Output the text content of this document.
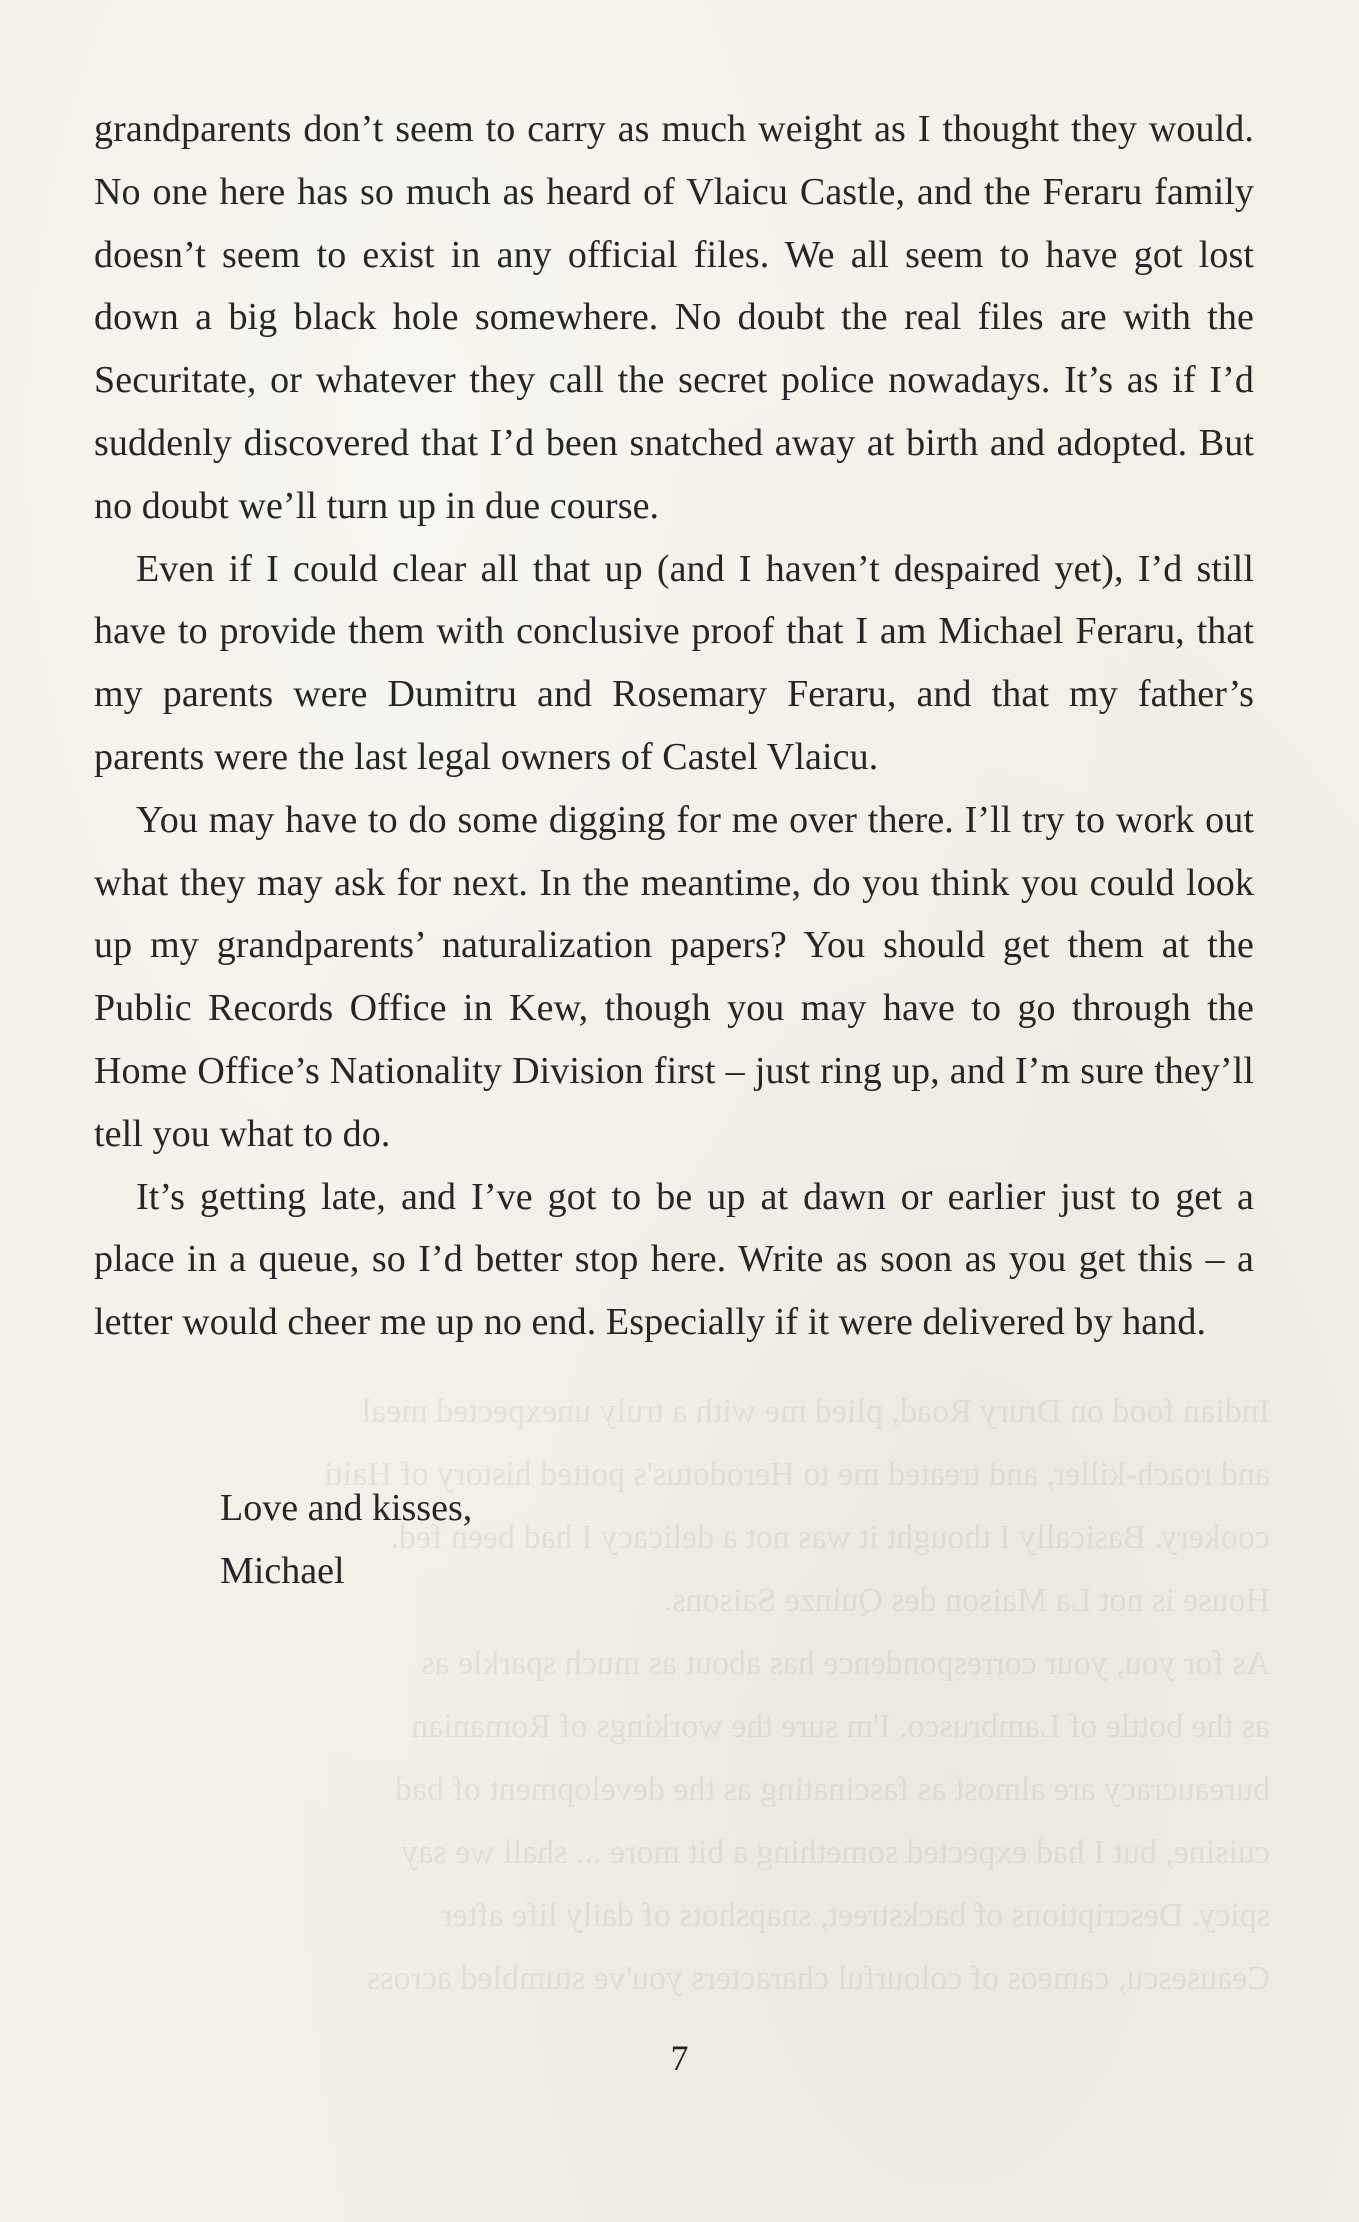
Indian food on Drury Road, plied me with a truly unexpected meal
and roach-killer, and treated me to Herodotus's potted history of Haiti
cookery. Basically I thought it was not a delicacy I had been fed.
House is not La Maison des Quinze Saisons.
As for you, your correspondence has about as much sparkle as
as the bottle of Lambrusco. I'm sure the workings of Romanian
bureaucracy are almost as fascinating as the development of bad
cuisine, but I had expected something a bit more ... shall we say
spicy. Descriptions of backstreet, snapshots of daily life after
Ceausescu, cameos of colourful characters you've stumbled across

grandparents don’t seem to carry as much weight as I thought they would. No one here has so much as heard of Vlaicu Castle, and the Feraru family doesn’t seem to exist in any official files. We all seem to have got lost down a big black hole somewhere. No doubt the real files are with the Securitate, or whatever they call the secret police nowadays. It’s as if I’d suddenly discovered that I’d been snatched away at birth and adopted. But no doubt we’ll turn up in due course.

Even if I could clear all that up (and I haven’t despaired yet), I’d still have to provide them with conclusive proof that I am Michael Feraru, that my parents were Dumitru and Rosemary Feraru, and that my father’s parents were the last legal owners of Castel Vlaicu.

You may have to do some digging for me over there. I’ll try to work out what they may ask for next. In the meantime, do you think you could look up my grandparents’ naturalization papers? You should get them at the Public Records Office in Kew, though you may have to go through the Home Office’s Nationality Division first – just ring up, and I’m sure they’ll tell you what to do.

It’s getting late, and I’ve got to be up at dawn or earlier just to get a place in a queue, so I’d better stop here. Write as soon as you get this – a letter would cheer me up no end. Especially if it were delivered by hand.

Love and kisses,
Michael
7
